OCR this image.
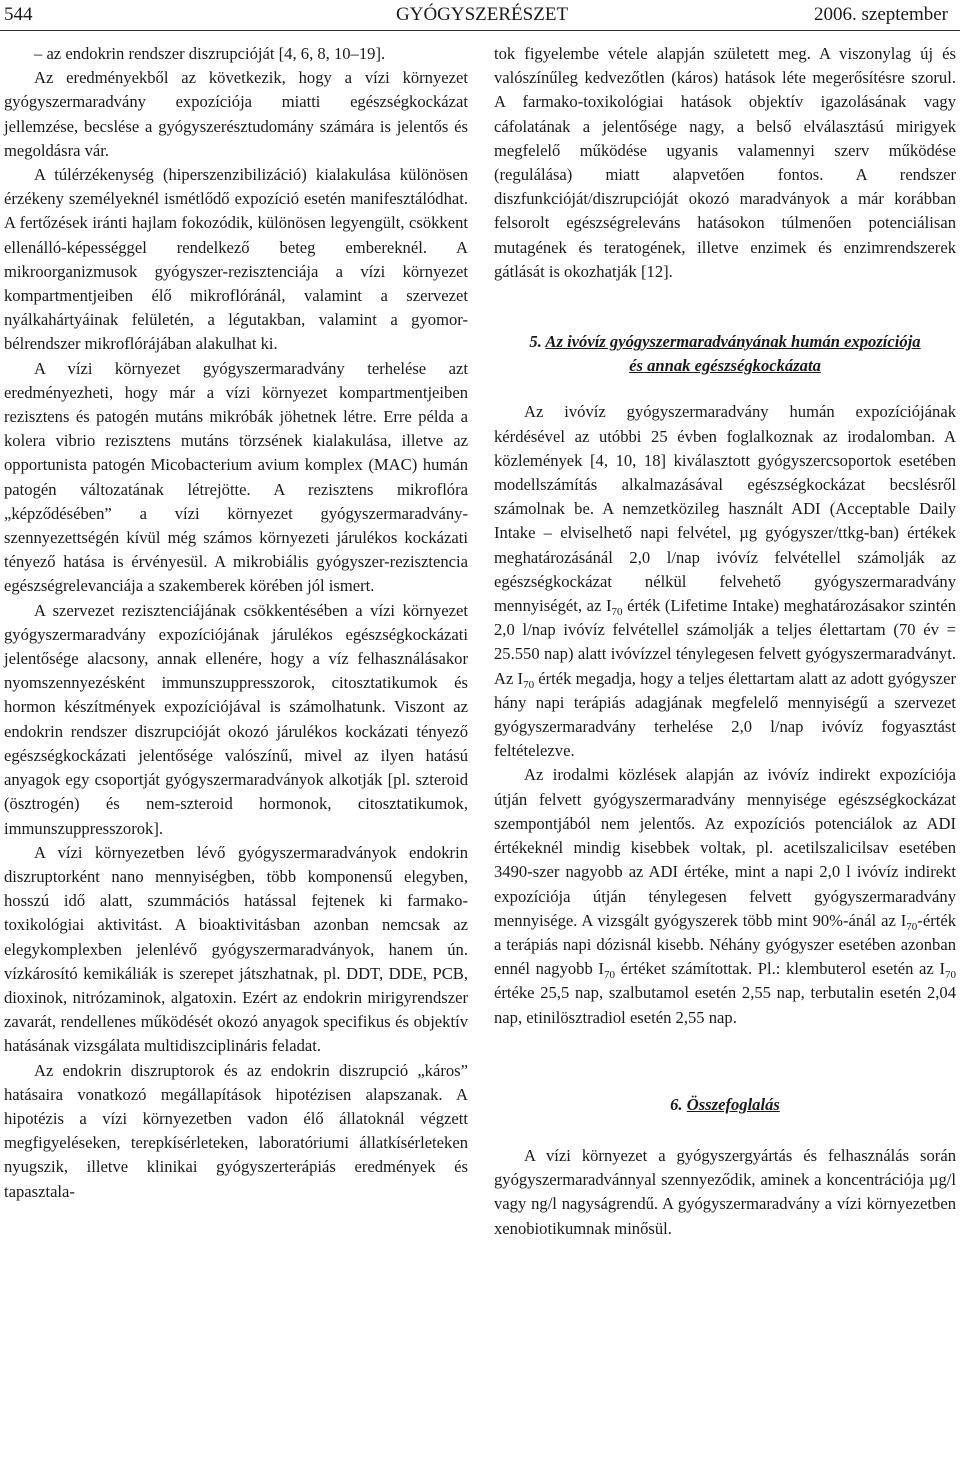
544	GYÓGYSZERÉSZET	2006. szeptember

– az endokrin rendszer diszrupcióját [4, 6, 8, 10–19].

Az eredményekből az következik, hogy a vízi környezet gyógyszermaradvány expozíciója miatti egészségkockázat jellemzése, becslése a gyógyszerésztudomány számára is jelentős és megoldásra vár.

A túlérzékenység (hiperszenzibilizáció) kialakulása különösen érzékeny személyeknél ismétlődő expozíció esetén manifesztálódhat. A fertőzések iránti hajlam fokozódik, különösen legyengült, csökkent ellenálló-képességgel rendelkező beteg embereknél. A mikroorganizmusok gyógyszer-rezisztenciája a vízi környezet kompartmentjeiben élő mikroflóránál, valamint a szervezet nyálkahártyáinak felületén, a légutakban, valamint a gyomor-bélrendszer mikroflórájában alakulhat ki.

A vízi környezet gyógyszermaradvány terhelése azt eredményezheti, hogy már a vízi környezet kompartmentjeiben rezisztens és patogén mutáns mikróbák jöhetnek létre. Erre példa a kolera vibrio rezisztens mutáns törzsének kialakulása, illetve az opportunista patogén Micobacterium avium komplex (MAC) humán patogén változatának létrejötte. A rezisztens mikroflóra „képződésében” a vízi környezet gyógyszermaradvány-szennyezettségén kívül még számos környezeti járulékos kockázati tényező hatása is érvényesül. A mikrobiális gyógyszer-rezisztencia egészségrelevanciája a szakemberek körében jól ismert.

A szervezet rezisztenciájának csökkentésében a vízi környezet gyógyszermaradvány expozíciójának járulékos egészségkockázati jelentősége alacsony, annak ellenére, hogy a víz felhasználásakor nyomszennyezésként immunszuppresszorok, citosztatikumok és hormon készítmények expozíciójával is számolhatunk. Viszont az endokrin rendszer diszrupcióját okozó járulékos kockázati tényező egészségkockázati jelentősége valószínű, mivel az ilyen hatású anyagok egy csoportját gyógyszermaradványok alkotják [pl. szteroid (ösztrogén) és nem-szteroid hormonok, citosztatikumok, immunszuppresszorok].

A vízi környezetben lévő gyógyszermaradványok endokrin diszruptorként nano mennyiségben, több komponensű elegyben, hosszú idő alatt, szummációs hatással fejtenek ki farmako-toxikológiai aktivitást. A bioaktivitásban azonban nemcsak az elegykomplexben jelenlévő gyógyszermaradványok, hanem ún. vízkárosító kemikáliák is szerepet játszhatnak, pl. DDT, DDE, PCB, dioxinok, nitrózaminok, algatoxin. Ezért az endokrin mirigyrendszer zavarát, rendellenes működését okozó anyagok specifikus és objektív hatásának vizsgálata multidiszciplináris feladat.

Az endokrin diszruptorok és az endokrin diszrupció „káros” hatásaira vonatkozó megállapítások hipotézisen alapszanak. A hipotézis a vízi környezetben vadon élő állatoknál végzett megfigyeléseken, terepkísérleteken, laboratóriumi állatkísérleteken nyugszik, illetve klinikai gyógyszerterápiás eredmények és tapasztala-

tok figyelembe vétele alapján született meg. A viszonylag új és valószínűleg kedvezőtlen (káros) hatások léte megerősítésre szorul. A farmako-toxikológiai hatások objektív igazolásának vagy cáfolatának a jelentősége nagy, a belső elválasztású mirigyek megfelelő működése ugyanis valamennyi szerv működése (regulálása) miatt alapvetően fontos. A rendszer diszfunkcióját/diszrupcióját okozó maradványok a már korábban felsorolt egészségreleváns hatásokon túlmenően potenciálisan mutagének és teratogének, illetve enzimek és enzimrendszerek gátlását is okozhatják [12].

5. Az ivóvíz gyógyszermaradványának humán expozíciója és annak egészségkockázata

Az ivóvíz gyógyszermaradvány humán expozíciójának kérdésével az utóbbi 25 évben foglalkoznak az irodalomban. A közlemények [4, 10, 18] kiválasztott gyógyszercsoportok esetében modellszámítás alkalmazásával egészségkockázat becslésről számolnak be. A nemzetközileg használt ADI (Acceptable Daily Intake – elviselhető napi felvétel, µg gyógyszer/ttkg-ban) értékek meghatározásánál 2,0 l/nap ivóvíz felvétellel számolják az egészségkockázat nélkül felvehető gyógyszermaradvány mennyiségét, az $I_{70}$ érték (Lifetime Intake) meghatározásakor szintén 2,0 l/nap ivóvíz felvétellel számolják a teljes élettartam (70 év = 25.550 nap) alatt ivóvízzel ténylegesen felvett gyógyszermaradványt. Az $I_{70}$ érték megadja, hogy a teljes élettartam alatt az adott gyógyszer hány napi terápiás adagjának megfelelő mennyiségű a szervezet gyógyszermaradvány terhelése 2,0 l/nap ivóvíz fogyasztást feltételezve.

Az irodalmi közlések alapján az ivóvíz indirekt expozíciója útján felvett gyógyszermaradvány mennyisége egészségkockázat szempontjából nem jelentős. Az expozíciós potenciálok az ADI értékeknél mindig kisebbek voltak, pl. acetilszalicilsav esetében 3490-szer nagyobb az ADI értéke, mint a napi 2,0 l ivóvíz indirekt expozíciója útján ténylegesen felvett gyógyszermaradvány mennyisége. A vizsgált gyógyszerek több mint 90%-ánál az $I_{70}$-érték a terápiás napi dózisnál kisebb. Néhány gyógyszer esetében azonban ennél nagyobb $I_{70}$ értéket számítottak. Pl.: klembuterol esetén az $I_{70}$ értéke 25,5 nap, szalbutamol esetén 2,55 nap, terbutalin esetén 2,04 nap, etinilösztradiol esetén 2,55 nap.

6. Összefoglalás

A vízi környezet a gyógyszergyártás és felhasználás során gyógyszermaradvánnyal szennyeződik, aminek a koncentrációja µg/l vagy ng/l nagyságrendű. A gyógyszermaradvány a vízi környezetben xenobiotikumnak minősül.
